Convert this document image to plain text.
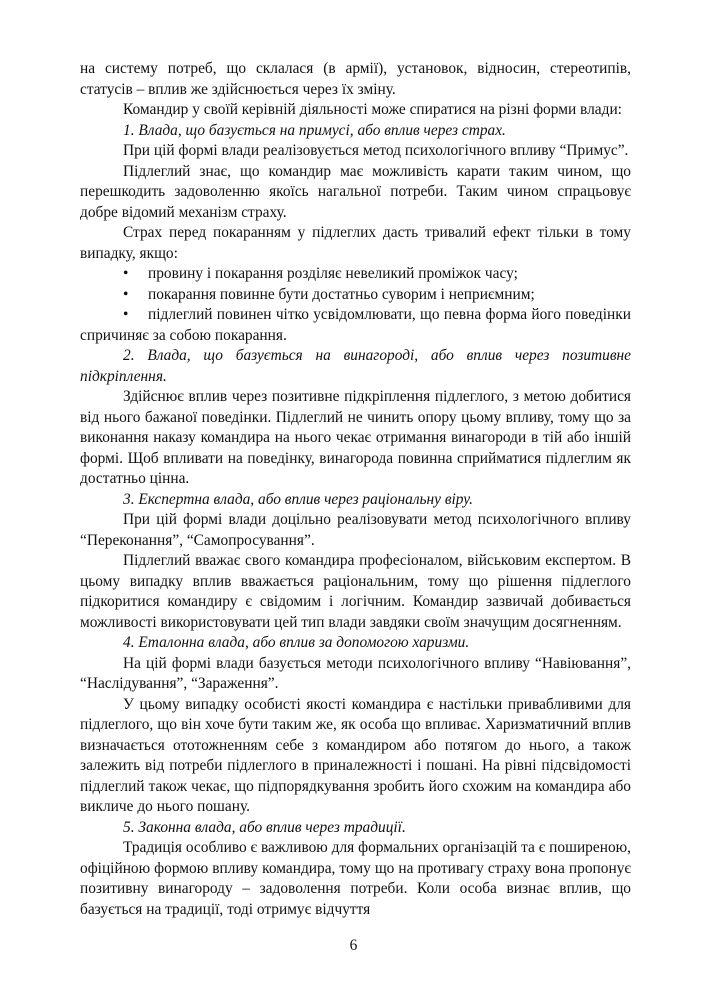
на систему потреб, що склалася (в армії), установок, відносин, стереотипів, статусів – вплив же здійснюється через їх зміну.

Командир у своїй керівній діяльності може спиратися на різні форми влади:

1. Влада, що базується на примусі, або вплив через страх.

При цій формі влади реалізовується метод психологічного впливу “Примус”.

Підлеглий знає, що командир має можливість карати таким чином, що перешкодить задоволенню якоїсь нагальної потреби. Таким чином спрацьовує добре відомий механізм страху.

Страх перед покаранням у підлеглих дасть тривалий ефект тільки в тому випадку, якщо:

• провину і покарання розділяє невеликий проміжок часу;

• покарання повинне бути достатньо суворим і неприємним;

• підлеглий повинен чітко усвідомлювати, що певна форма його поведінки спричиняє за собою покарання.

2. Влада, що базується на винагороді, або вплив через позитивне підкріплення.

Здійснює вплив через позитивне підкріплення підлеглого, з метою добитися від нього бажаної поведінки. Підлеглий не чинить опору цьому впливу, тому що за виконання наказу командира на нього чекає отримання винагороди в тій або іншій формі. Щоб впливати на поведінку, винагорода повинна сприйматися підлеглим як достатньо цінна.

3. Експертна влада, або вплив через раціональну віру.

При цій формі влади доцільно реалізовувати метод психологічного впливу “Переконання”, “Самопросування”.

Підлеглий вважає свого командира професіоналом, військовим експертом. В цьому випадку вплив вважається раціональним, тому що рішення підлеглого підкоритися командиру є свідомим і логічним. Командир зазвичай добивається можливості використовувати цей тип влади завдяки своїм значущим досягненням.

4. Еталонна влада, або вплив за допомогою харизми.

На цій формі влади базується методи психологічного впливу “Навіювання”, “Наслідування”, “Зараження”.

У цьому випадку особисті якості командира є настільки привабливими для підлеглого, що він хоче бути таким же, як особа що впливає. Харизматичний вплив визначається ототожненням себе з командиром або потягом до нього, а також залежить від потреби підлеглого в приналежності і пошані. На рівні підсвідомості підлеглий також чекає, що підпорядкування зробить його схожим на командира або викличе до нього пошану.

5. Законна влада, або вплив через традиції.

Традиція особливо є важливою для формальних організацій та є поширеною, офіційною формою впливу командира, тому що на противагу страху вона пропонує позитивну винагороду – задоволення потреби. Коли особа визнає вплив, що базується на традиції, тоді отримує відчуття

6
